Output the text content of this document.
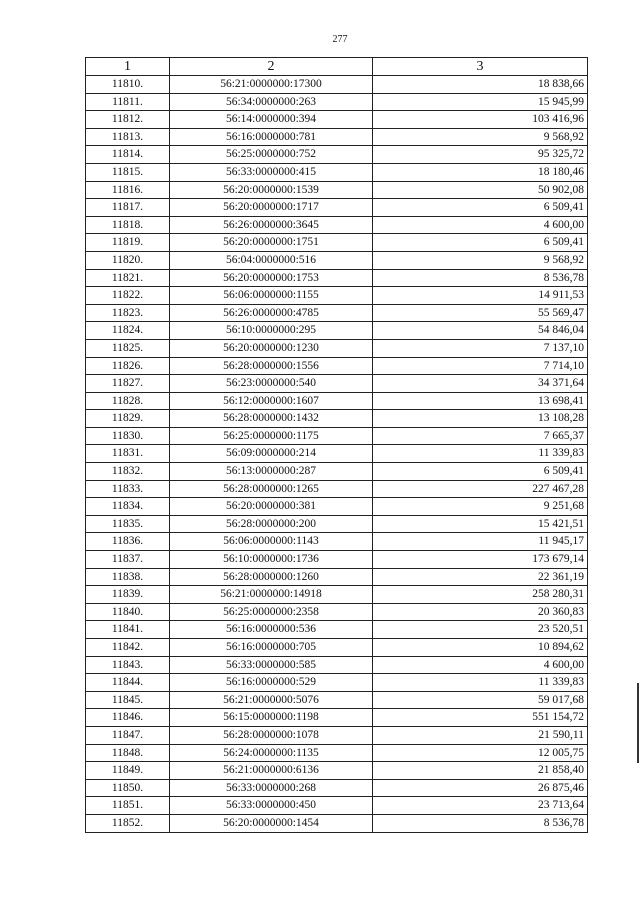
277
1	2	3
11810.	56:21:0000000:17300	18 838,66
11811.	56:34:0000000:263	15 945,99
11812.	56:14:0000000:394	103 416,96
11813.	56:16:0000000:781	9 568,92
11814.	56:25:0000000:752	95 325,72
11815.	56:33:0000000:415	18 180,46
11816.	56:20:0000000:1539	50 902,08
11817.	56:20:0000000:1717	6 509,41
11818.	56:26:0000000:3645	4 600,00
11819.	56:20:0000000:1751	6 509,41
11820.	56:04:0000000:516	9 568,92
11821.	56:20:0000000:1753	8 536,78
11822.	56:06:0000000:1155	14 911,53
11823.	56:26:0000000:4785	55 569,47
11824.	56:10:0000000:295	54 846,04
11825.	56:20:0000000:1230	7 137,10
11826.	56:28:0000000:1556	7 714,10
11827.	56:23:0000000:540	34 371,64
11828.	56:12:0000000:1607	13 698,41
11829.	56:28:0000000:1432	13 108,28
11830.	56:25:0000000:1175	7 665,37
11831.	56:09:0000000:214	11 339,83
11832.	56:13:0000000:287	6 509,41
11833.	56:28:0000000:1265	227 467,28
11834.	56:20:0000000:381	9 251,68
11835.	56:28:0000000:200	15 421,51
11836.	56:06:0000000:1143	11 945,17
11837.	56:10:0000000:1736	173 679,14
11838.	56:28:0000000:1260	22 361,19
11839.	56:21:0000000:14918	258 280,31
11840.	56:25:0000000:2358	20 360,83
11841.	56:16:0000000:536	23 520,51
11842.	56:16:0000000:705	10 894,62
11843.	56:33:0000000:585	4 600,00
11844.	56:16:0000000:529	11 339,83
11845.	56:21:0000000:5076	59 017,68
11846.	56:15:0000000:1198	551 154,72
11847.	56:28:0000000:1078	21 590,11
11848.	56:24:0000000:1135	12 005,75
11849.	56:21:0000000:6136	21 858,40
11850.	56:33:0000000:268	26 875,46
11851.	56:33:0000000:450	23 713,64
11852.	56:20:0000000:1454	8 536,78
